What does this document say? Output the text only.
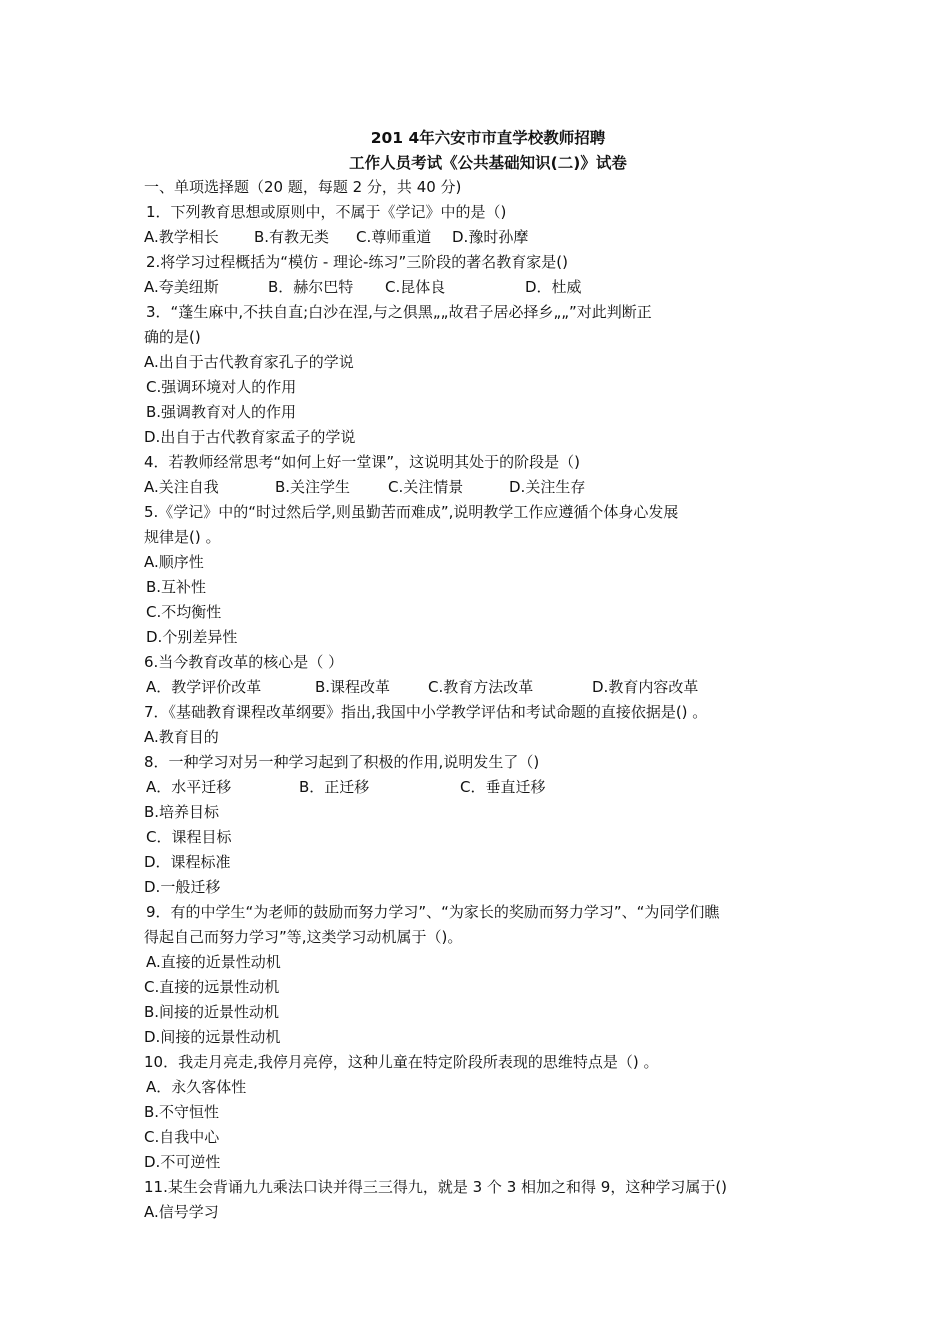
201 4年六安市市直学校教师招聘
工作人员考试《公共基础知识(二)》试卷
一、单项选择题（20 题，每题 2 分，共 40 分)
1．下列教育思想或原则中，不属于《学记》中的是（)
A.教学相长 B.有教无类 C.尊师重道 D.豫时孙摩
2.将学习过程概括为“模仿 - 理论-练习”三阶段的著名教育家是()
A.夸美纽斯	B．赫尔巴特 C.昆体良	D．杜威
3．“蓬生麻中,不扶自直;白沙在涅,与之俱黑„„故君子居必择乡„„”对此判断正
确的是()
A.出自于古代教育家孔子的学说
C.强调环境对人的作用
B.强调教育对人的作用
D.出自于古代教育家孟子的学说
4．若教师经常思考“如何上好一堂课”，这说明其处于的阶段是（)
A.关注自我	B.关注学生	C.关注情景	D.关注生存
5.《学记》中的“时过然后学,则虽勤苦而难成”,说明教学工作应遵循个体身心发展
规律是() 。
A.顺序性
B.互补性
C.不均衡性
D.个别差异性
6.当今教育改革的核心是（ ）
A．教学评价改革	B.课程改革	C.教育方法改革	D.教育内容改革
7．《基础教育课程改革纲要》指出,我国中小学教学评估和考试命题的直接依据是() 。
A.教育目的
8．一种学习对另一种学习起到了积极的作用,说明发生了（)
A．水平迁移	B．正迁移	C．垂直迁移
B.培养目标
C．课程目标
D．课程标准
D.一般迁移
9．有的中学生“为老师的鼓励而努力学习”、“为家长的奖励而努力学习”、“为同学们瞧
得起自己而努力学习”等,这类学习动机属于（)。
A.直接的近景性动机
C.直接的远景性动机
B.间接的近景性动机
D.间接的远景性动机
10．我走月亮走,我停月亮停，这种儿童在特定阶段所表现的思维特点是（) 。
A．永久客体性
B.不守恒性
C.自我中心
D.不可逆性
11.某生会背诵九九乘法口诀并得三三得九，就是 3 个 3 相加之和得 9，这种学习属于()
A.信号学习
